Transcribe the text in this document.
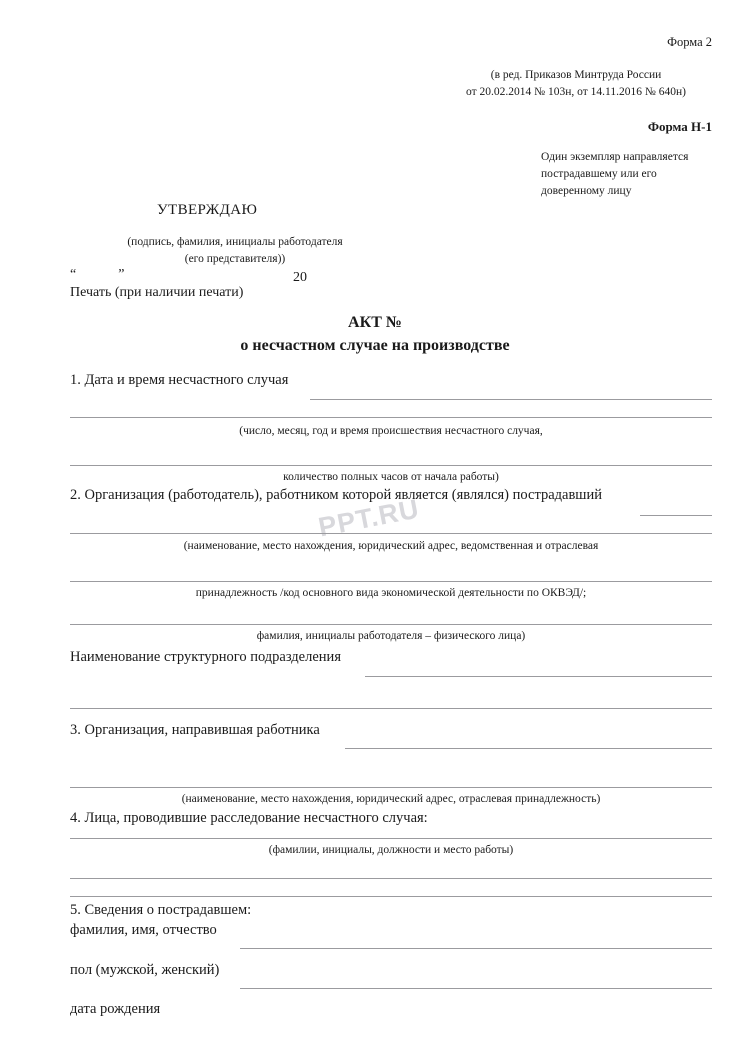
PPT.RU
Форма 2
(в ред. Приказов Минтруда России
от 20.02.2014 № 103н, от 14.11.2016 № 640н)
Форма Н-1
Один экземпляр направляется
пострадавшему или его
доверенному лицу
УТВЕРЖДАЮ
(подпись, фамилия, инициалы работодателя
(его представителя))
“            ”	20
Печать (при наличии печати)
АКТ №
о несчастном случае на производстве
1. Дата и время несчастного случая
(число, месяц, год и время происшествия несчастного случая,
количество полных часов от начала работы)
2. Организация (работодатель), работником которой является (являлся) пострадавший
(наименование, место нахождения, юридический адрес, ведомственная и отраслевая
принадлежность /код основного вида экономической деятельности по ОКВЭД/;
фамилия, инициалы работодателя – физического лица)
Наименование структурного подразделения
3. Организация, направившая работника
(наименование, место нахождения, юридический адрес, отраслевая принадлежность)
4. Лица, проводившие расследование несчастного случая:
(фамилии, инициалы, должности и место работы)
5. Сведения о пострадавшем:
фамилия, имя, отчество
пол (мужской, женский)
дата рождения
